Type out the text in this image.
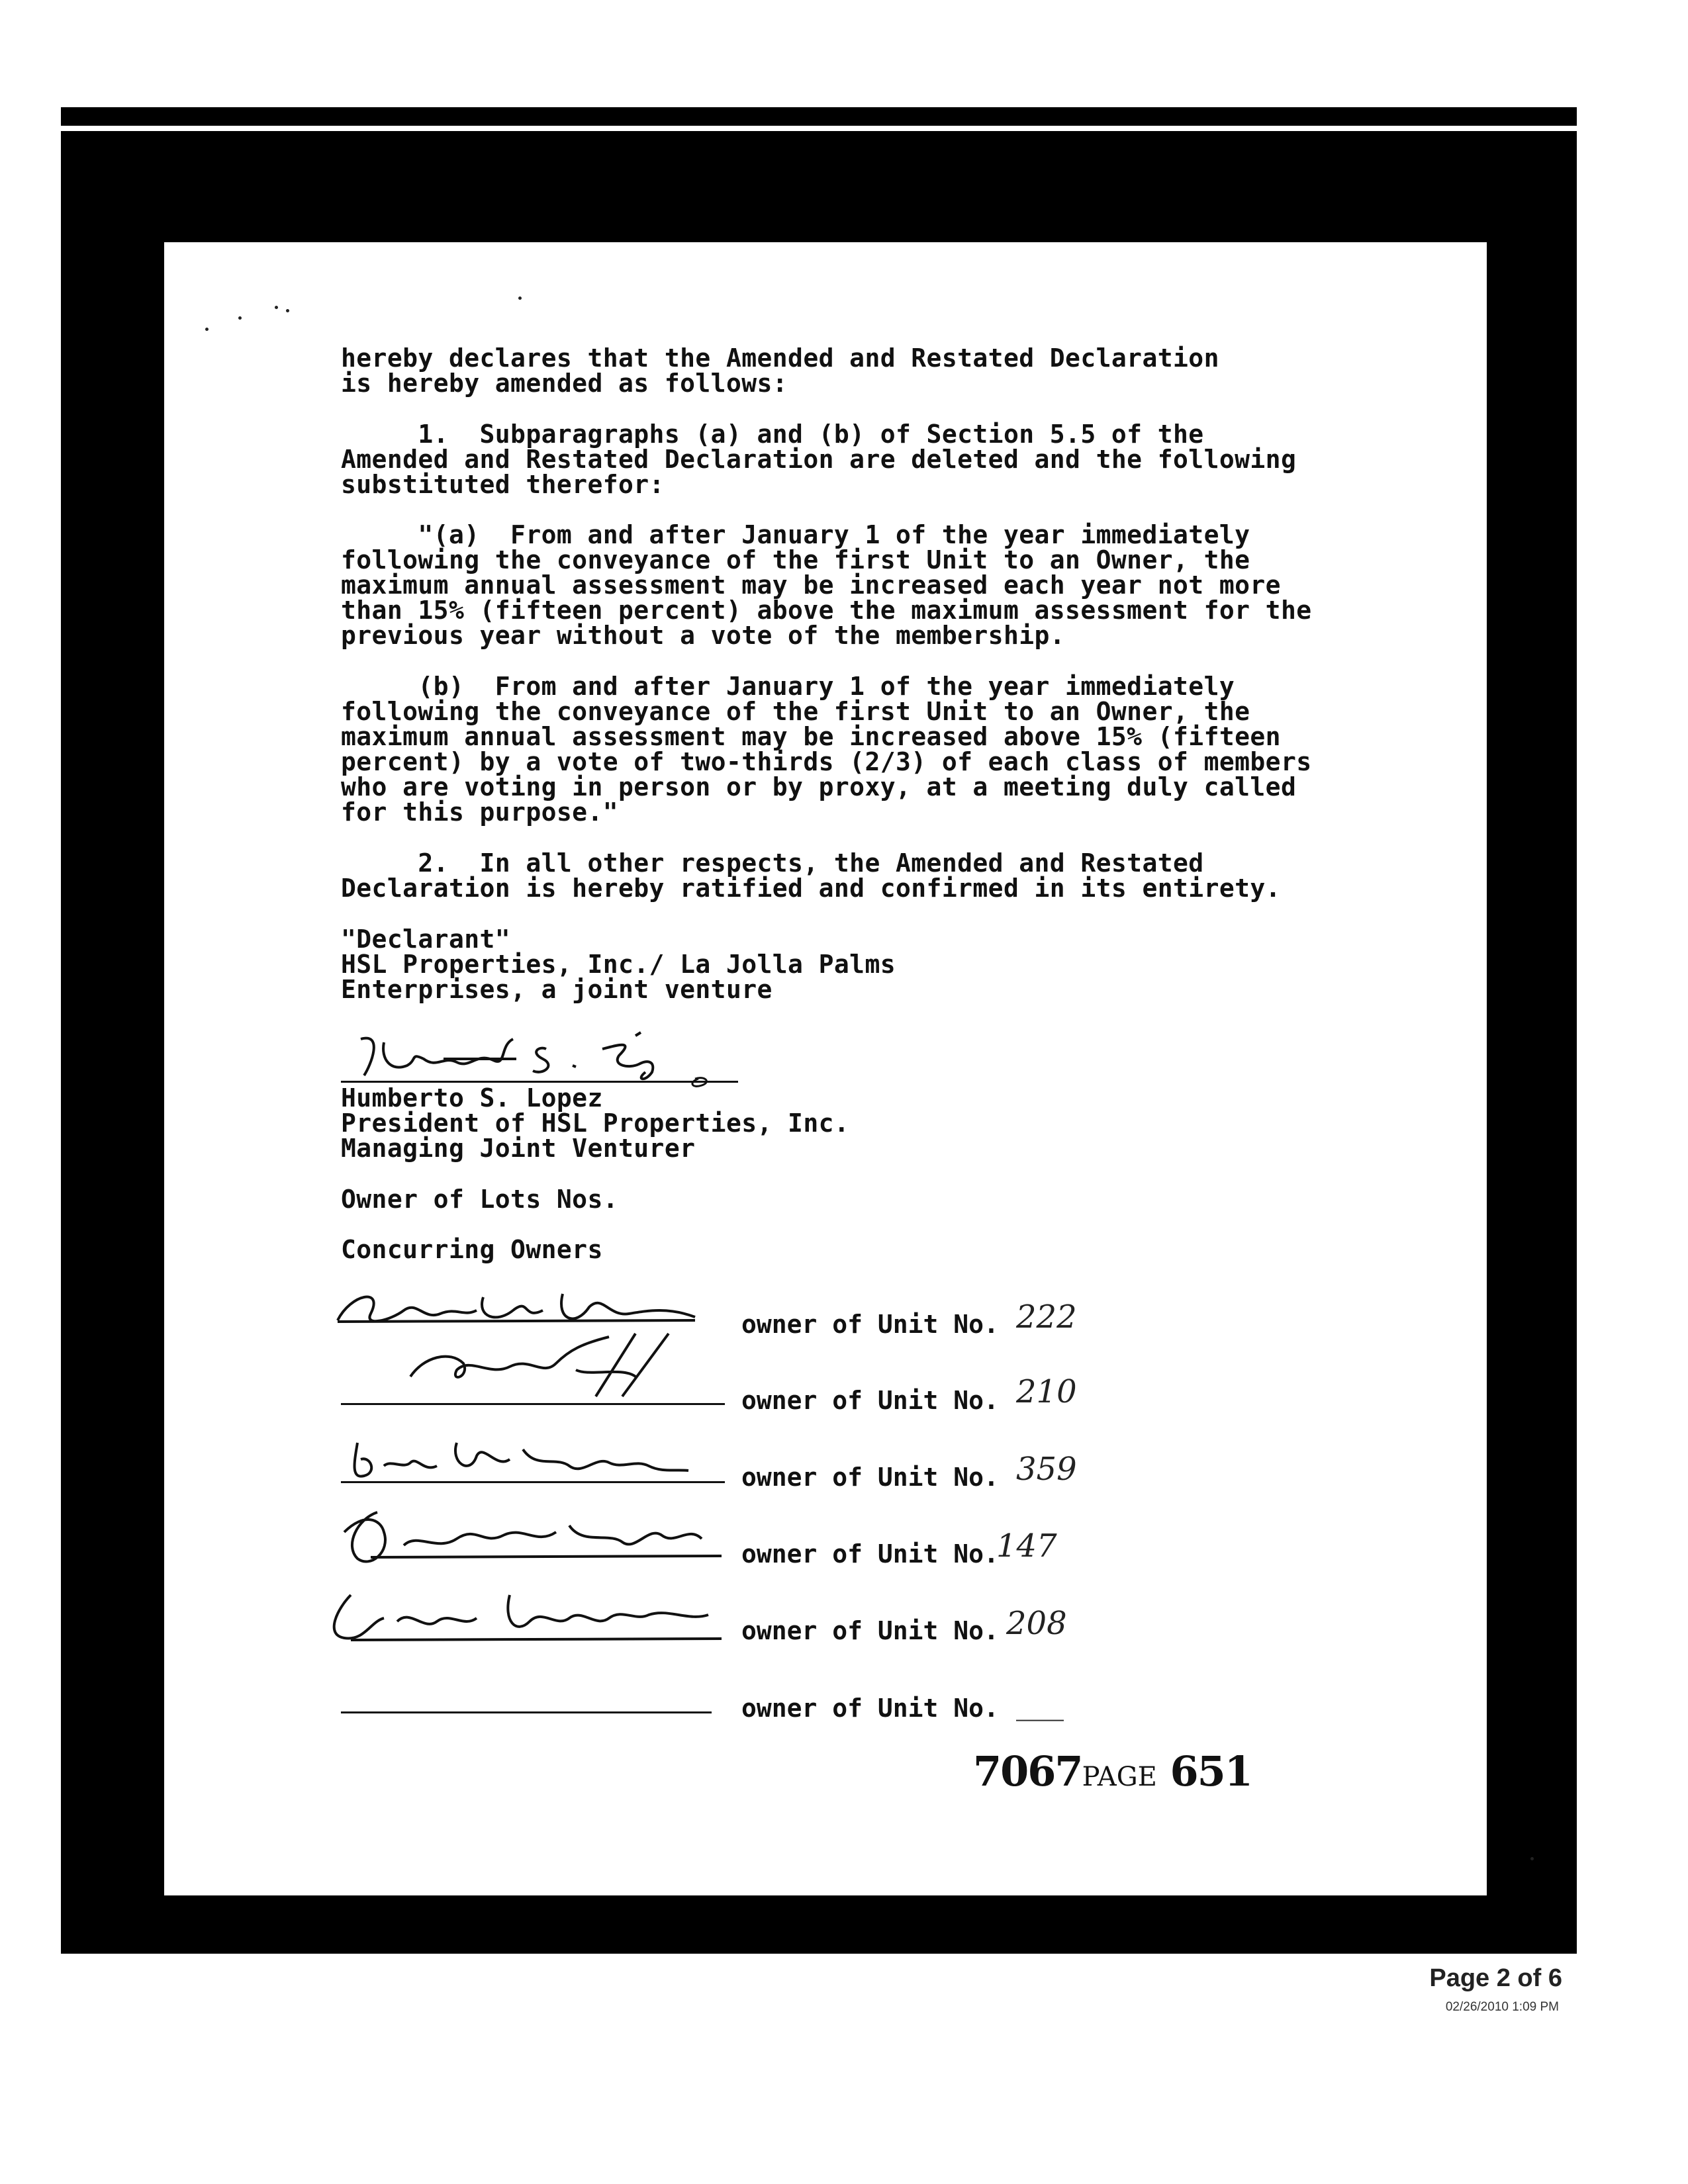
hereby declares that the Amended and Restated Declaration
is hereby amended as follows:
1.  Subparagraphs (a) and (b) of Section 5.5 of the
Amended and Restated Declaration are deleted and the following
substituted therefor:
"(a)  From and after January 1 of the year immediately
following the conveyance of the first Unit to an Owner, the
maximum annual assessment may be increased each year not more
than 15% (fifteen percent) above the maximum assessment for the
previous year without a vote of the membership.
(b)  From and after January 1 of the year immediately
following the conveyance of the first Unit to an Owner, the
maximum annual assessment may be increased above 15% (fifteen
percent) by a vote of two-thirds (2/3) of each class of members
who are voting in person or by proxy, at a meeting duly called
for this purpose."
2.  In all other respects, the Amended and Restated
Declaration is hereby ratified and confirmed in its entirety.
"Declarant"
HSL Properties, Inc./ La Jolla Palms
Enterprises, a joint venture
Humberto S. Lopez
President of HSL Properties, Inc.
Managing Joint Venturer
Owner of Lots Nos.
Concurring Owners
owner of Unit No. 222
owner of Unit No. 210
owner of Unit No. 359
owner of Unit No.
147
owner of Unit No. 208
owner of Unit No. ___
7067PAGE 651
Page 2 of 6
02/26/2010 1:09 PM
